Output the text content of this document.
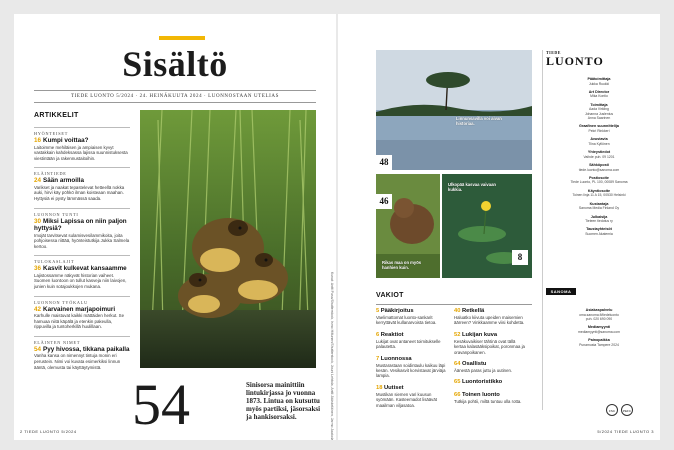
Sisältö
TIEDE LUONTO 5/2024 · 24. HEINÄKUUTA 2024 · LUONNOSTAAN UTELIAS
ARTIKKELIT
HYÖNTEISET
16 Kumpi voittaa?
Laitoimme mehiläisen ja ampiaisen kyvyt vastakkain kahdeksassa lajissa suunnistuksesta viestintään ja rakennustaitoihin.
ELÄINTIEDE
24 Sään armoilla
Varikset ja naakat tepastelevat hetteellä nokka auki, hirvi käy pöhkö ilman koisteaan maahan. Hyttysiä ei pysty lämmässä saada.
LUONNON TUNTI
30 Miksi Lapissa on niin paljon hyttysiä?
Imojät tarvitsevat sulamisvesilammikoita, joita pohjoisessa riittää, hyönteistutkija Jukka Salmela kertoo.
TULOKASLAJIT
36 Kasvit kulkevat kansaamme
Lajistossamme näkyvät historian vaiheet. Suomen luontoon on tullut kasveja niin laivojen, junien kuin sotajoukkojen mukana.
LUONNON TYÖKALU
42 Karvainen marjapoimuri
Karhulle maistuvat kaikki mättäiden herkut. Se hamuaa niitä käpälä ja etenkin pakeulla, rippuvilla ja tuntoherkillä huulillaan.
ELÄINTEN NIMET
54 Pyy hivossa, tikkana paikalla
Vanha kansa on nimennyt tintuja monin eri perustein. Nimi voi kuvata esimerkiksi linnun ääntä, olemusta tai käyttäytymistä.
54	Sinisorsa mainittiin lintukirjassa jo vuonna 1873. Lintua on kutsuttu myös partiksi, jäsorsaksi ja hankisorsaksi.	Kuvat: Antti Pusa/Shutterstock, Ismo Hiltunen/Shutterstock, Jouni Lehtola, Antti Jääskeläinen, Jarmo Jaakola
2 TIEDE LUONTO 5/2024
Linnunsavilla voi aivan historiaa.
48
Rikas maa on myös hanhien kuin.
46
Ulkopää kasvaa vaivaan kukkia.
8
VAKIOT
5 Pääkirjoitus
Vaelimattomat luonto-sankarit kerryttävät kullanarvoista tietoa.
6 Reaktiot
Lukijat ovat antaneet toimitukselle palautetta.
7 Luonnossa
Mustarastaan soidintaulu kaikuu läpi kesän. Vesikasvit korvistavat järviäja lampia.
18 Uutiset
Mustikan siemen vari kuusun syömään. Kasteemadot lisäävät maailman viljasatoa.
40 Retkellä
Haluatko kiivuta upeiden maisemien äärreen? Vinkkaamme viisi kohdetta.
52 Lukijan kuva
Kesäkuvaikiser tähtinä ovat tällä kertaa kalasääksipoikat, poronmaa ja oravanpoikanen.
64 Osallistu
Äänestä paras juttu ja uutinen.
65 Luontoristikko
66 Toinen luonto
Tutkija pohtii, miltä tuntuu olla rotta.
TIEDE
LUONTO
Päätoimittaja
Jukka Ruukki
Art Director
Mika Kontio
Toimittaja
Aada Virkling
Johanna Juslenius
Anna Saarinen
Graafinen suunnittelija
Pekri Rinkkeri
Avustavia
Tiina Kyllönen
Yhteystiedot
Vaihde puh. 09 1201
Sähköposti
tiede.luonto@sanoma.com
Postiosoite
Tiede Luonto, PL 100, 00089 Sanoma
Käyntiosoite
Toinen linja 11 A 15, 00530 Helsinki
Kustantaja
Sanoma Media Finland Oy
Julkaisija
Tieteen tiedotus ry
Taustayhteisöt
Suomen Akatemia
SANOMA
Asiakaspalvelu
oma.sanoma.fi/tiedeluonto
puh. 020 690 090
Mediamyynti
mediamyynti@sanoma.com
Painopaikka
Punamusta Tampere 2024
FSC	PEFC
5/2024 TIEDE LUONTO 3
